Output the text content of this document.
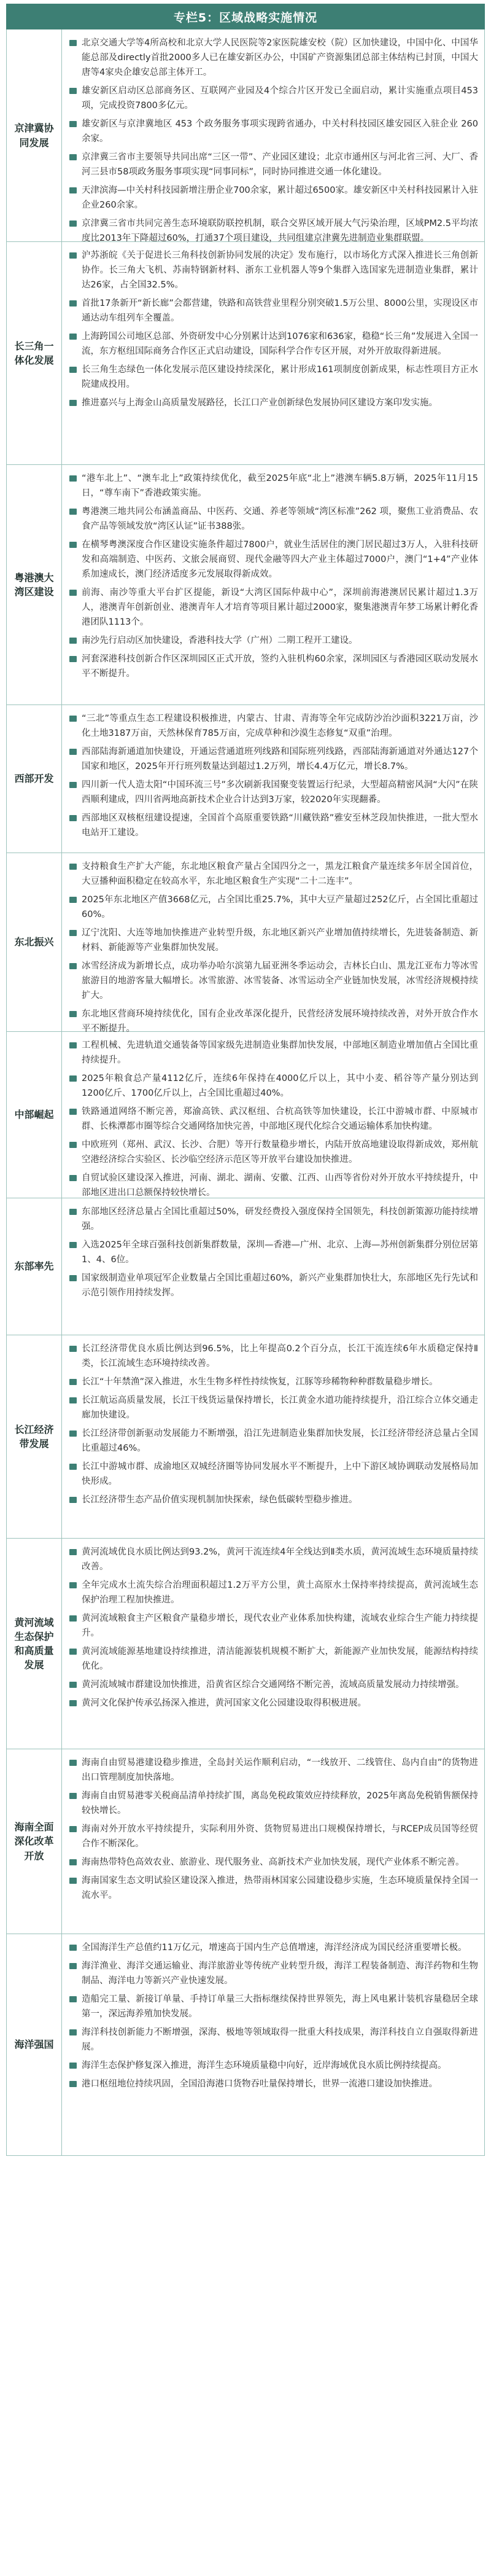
专栏5：区域战略实施情况
京津冀协同发展
北京交通大学等4所高校和北京大学人民医院等2家医院雄安校（院）区加快建设，中国中化、中国华能总部及directly首批2000多人已在雄安新区办公，中国矿产资源集团总部主体结构已封顶，中国大唐等4家央企雄安总部主体开工。
雄安新区启动区总部商务区、互联网产业园及4个综合片区开发已全面启动，累计实施重点项目453项，完成投资7800多亿元。
雄安新区与京津冀地区 453 个政务服务事项实现跨省通办，中关村科技园区雄安园区入驻企业 260余家。
京津冀三省市主要领导共同出席“三区一带”、产业园区建设；北京市通州区与河北省三河、大厂、香河三县市58项政务服务事项实现“同事同标”，同时协同推进交通一体化建设。
天津滨海—中关村科技园新增注册企业700余家，累计超过6500家。雄安新区中关村科技园累计入驻企业260余家。
京津冀三省市共同完善生态环境联防联控机制，联合交界区域开展大气污染治理，区域PM2.5平均浓度比2013年下降超过60%，打通37个项目建设，共同组建京津冀先进制造业集群联盟。
长三角一体化发展
沪苏浙皖《关于促进长三角科技创新协同发展的决定》发布施行，以市场化方式深入推进长三角创新协作。长三角大飞机、苏南特钢新材料、浙东工业机器人等9个集群入选国家先进制造业集群，累计达26家，占全国32.5%。
首批17条新开“新长廊”会都营建，铁路和高铁营业里程分别突破1.5万公里、8000公里，实现设区市通达动车组列车全覆盖。
上海跨国公司地区总部、外资研发中心分别累计达到1076家和636家，稳稳“长三角”发展进入全国一流，东方枢纽国际商务合作区正式启动建设，国际科学合作专区开展，对外开放取得新进展。
长三角生态绿色一体化发展示范区建设持续深化，累计形成161项制度创新成果，标志性项目方正水院建成投用。
推进嘉兴与上海金山高质量发展路径，长江口产业创新绿色发展协同区建设方案印发实施。
粤港澳大湾区建设
“港车北上”、“澳车北上”政策持续优化，截至2025年底“北上”港澳车辆5.8万辆，2025年11月15日，“尊车南下”香港政策实施。
粤港澳三地共同公布涵盖商品、中医药、交通、养老等领域“湾区标准”262 项，聚焦工业消费品、农食产品等领域发放“湾区认证”证书388张。
在横琴粤澳深度合作区建设实施条件超过7800户，就业生活居住的澳门居民超过3万人，入驻科技研发和高端制造、中医药、文旅会展商贸、现代金融等四大产业主体超过7000户，澳门“1+4”产业体系加速成长，澳门经济适度多元发展取得新成效。
前海、南沙等重大平台扩区提能，新设“大湾区国际仲裁中心”，深圳前海港澳居民累计超过1.3万人，港澳青年创新创业、港澳青年人才培育等项目累计超过2000家，聚集港澳青年梦工场累计孵化香港团队1113个。
南沙先行启动区加快建设，香港科技大学（广州）二期工程开工建设。
河套深港科技创新合作区深圳园区正式开放，签约入驻机构60余家，深圳园区与香港园区联动发展水平不断提升。
西部开发
“三北”等重点生态工程建设积极推进，内蒙古、甘肃、青海等全年完成防沙治沙面积3221万亩，沙化土地3187万亩，天然林保育785万亩，完成草种和沙漠生态修复“双重”治理。
西部陆海新通道加快建设，开通运营通道班列线路和国际班列线路，西部陆海新通道对外通达127个国家和地区，2025年开行班列数量达到超过1.2万列，增长4.4万亿元，增长8.7%。
四川新一代人造太阳“中国环流三号”多次刷新我国聚变装置运行纪录，大型超高精密风洞“大闪”在陕西顺利建成，四川省两地高新技术企业合计达到3万家，较2020年实现翻番。
西部地区双核枢纽建设提速，全国首个高原重要铁路“川藏铁路”雅安至林芝段加快推进，一批大型水电站开工建设。
东北振兴
支持粮食生产扩大产能，东北地区粮食产量占全国四分之一，黑龙江粮食产量连续多年居全国首位，大豆播种面积稳定在较高水平，东北地区粮食生产实现“二十二连丰”。
2025年东北地区产值3668亿元，占全国比重25.7%，其中大豆产量超过252亿斤，占全国比重超过60%。
辽宁沈阳、大连等地加快推进产业转型升级，东北地区新兴产业增加值持续增长，先进装备制造、新材料、新能源等产业集群加快发展。
冰雪经济成为新增长点，成功举办哈尔滨第九届亚洲冬季运动会，吉林长白山、黑龙江亚布力等冰雪旅游目的地游客量大幅增长。冰雪旅游、冰雪装备、冰雪运动全产业链加快发展，冰雪经济规模持续扩大。
东北地区营商环境持续优化，国有企业改革深化提升，民营经济发展环境持续改善，对外开放合作水平不断提升。
中部崛起
工程机械、先进轨道交通装备等国家级先进制造业集群加快发展，中部地区制造业增加值占全国比重持续提升。
2025年粮食总产量4112亿斤，连续6年保持在4000亿斤以上，其中小麦、稻谷等产量分别达到1200亿斤、1700亿斤以上，占全国比重超过40%。
铁路通道网络不断完善，郑渝高铁、武汉枢纽、合杭高铁等加快建设，长江中游城市群、中原城市群、长株潭都市圈等综合交通网络加快完善，中部地区现代化综合交通运输体系加快构建。
中欧班列（郑州、武汉、长沙、合肥）等开行数量稳步增长，内陆开放高地建设取得新成效，郑州航空港经济综合实验区、长沙临空经济示范区等开放平台建设加快推进。
自贸试验区建设深入推进，河南、湖北、湖南、安徽、江西、山西等省份对外开放水平持续提升，中部地区进出口总额保持较快增长。
东部率先
东部地区经济总量占全国比重超过50%，研发经费投入强度保持全国领先，科技创新策源功能持续增强。
入选2025年全球百强科技创新集群数量，深圳—香港—广州、北京、上海—苏州创新集群分别位居第1、4、6位。
国家级制造业单项冠军企业数量占全国比重超过60%，新兴产业集群加快壮大，东部地区先行先试和示范引领作用持续发挥。
长江经济带发展
长江经济带优良水质比例达到96.5%，比上年提高0.2个百分点，长江干流连续6年水质稳定保持Ⅱ类，长江流域生态环境持续改善。
长江“十年禁渔”深入推进，水生生物多样性持续恢复，江豚等珍稀物种种群数量稳步增长。
长江航运高质量发展，长江干线货运量保持增长，长江黄金水道功能持续提升，沿江综合立体交通走廊加快建设。
长江经济带创新驱动发展能力不断增强，沿江先进制造业集群加快发展，长江经济带经济总量占全国比重超过46%。
长江中游城市群、成渝地区双城经济圈等协同发展水平不断提升，上中下游区域协调联动发展格局加快形成。
长江经济带生态产品价值实现机制加快探索，绿色低碳转型稳步推进。
黄河流域生态保护和高质量发展
黄河流域优良水质比例达到93.2%，黄河干流连续4年全线达到Ⅱ类水质，黄河流域生态环境质量持续改善。
全年完成水土流失综合治理面积超过1.2万平方公里，黄土高原水土保持率持续提高，黄河流域生态保护治理工程加快推进。
黄河流域粮食主产区粮食产量稳步增长，现代农业产业体系加快构建，流域农业综合生产能力持续提升。
黄河流域能源基地建设持续推进，清洁能源装机规模不断扩大，新能源产业加快发展，能源结构持续优化。
黄河流域城市群建设加快推进，沿黄省区综合交通网络不断完善，流域高质量发展动力持续增强。
黄河文化保护传承弘扬深入推进，黄河国家文化公园建设取得积极进展。
海南全面深化改革开放
海南自由贸易港建设稳步推进，全岛封关运作顺利启动，“一线放开、二线管住、岛内自由”的货物进出口管理制度加快落地。
海南自由贸易港零关税商品清单持续扩围，离岛免税政策效应持续释放，2025年离岛免税销售额保持较快增长。
海南对外开放水平持续提升，实际利用外资、货物贸易进出口规模保持增长，与RCEP成员国等经贸合作不断深化。
海南热带特色高效农业、旅游业、现代服务业、高新技术产业加快发展，现代产业体系不断完善。
海南国家生态文明试验区建设深入推进，热带雨林国家公园建设稳步实施，生态环境质量保持全国一流水平。
海洋强国
全国海洋生产总值约11万亿元，增速高于国内生产总值增速，海洋经济成为国民经济重要增长极。
海洋渔业、海洋交通运输业、海洋旅游业等传统产业转型升级，海洋工程装备制造、海洋药物和生物制品、海洋电力等新兴产业快速发展。
造船完工量、新接订单量、手持订单量三大指标继续保持世界领先，海上风电累计装机容量稳居全球第一，深远海养殖加快发展。
海洋科技创新能力不断增强，深海、极地等领域取得一批重大科技成果，海洋科技自立自强取得新进展。
海洋生态保护修复深入推进，海洋生态环境质量稳中向好，近岸海域优良水质比例持续提高。
港口枢纽地位持续巩固，全国沿海港口货物吞吐量保持增长，世界一流港口建设加快推进。
